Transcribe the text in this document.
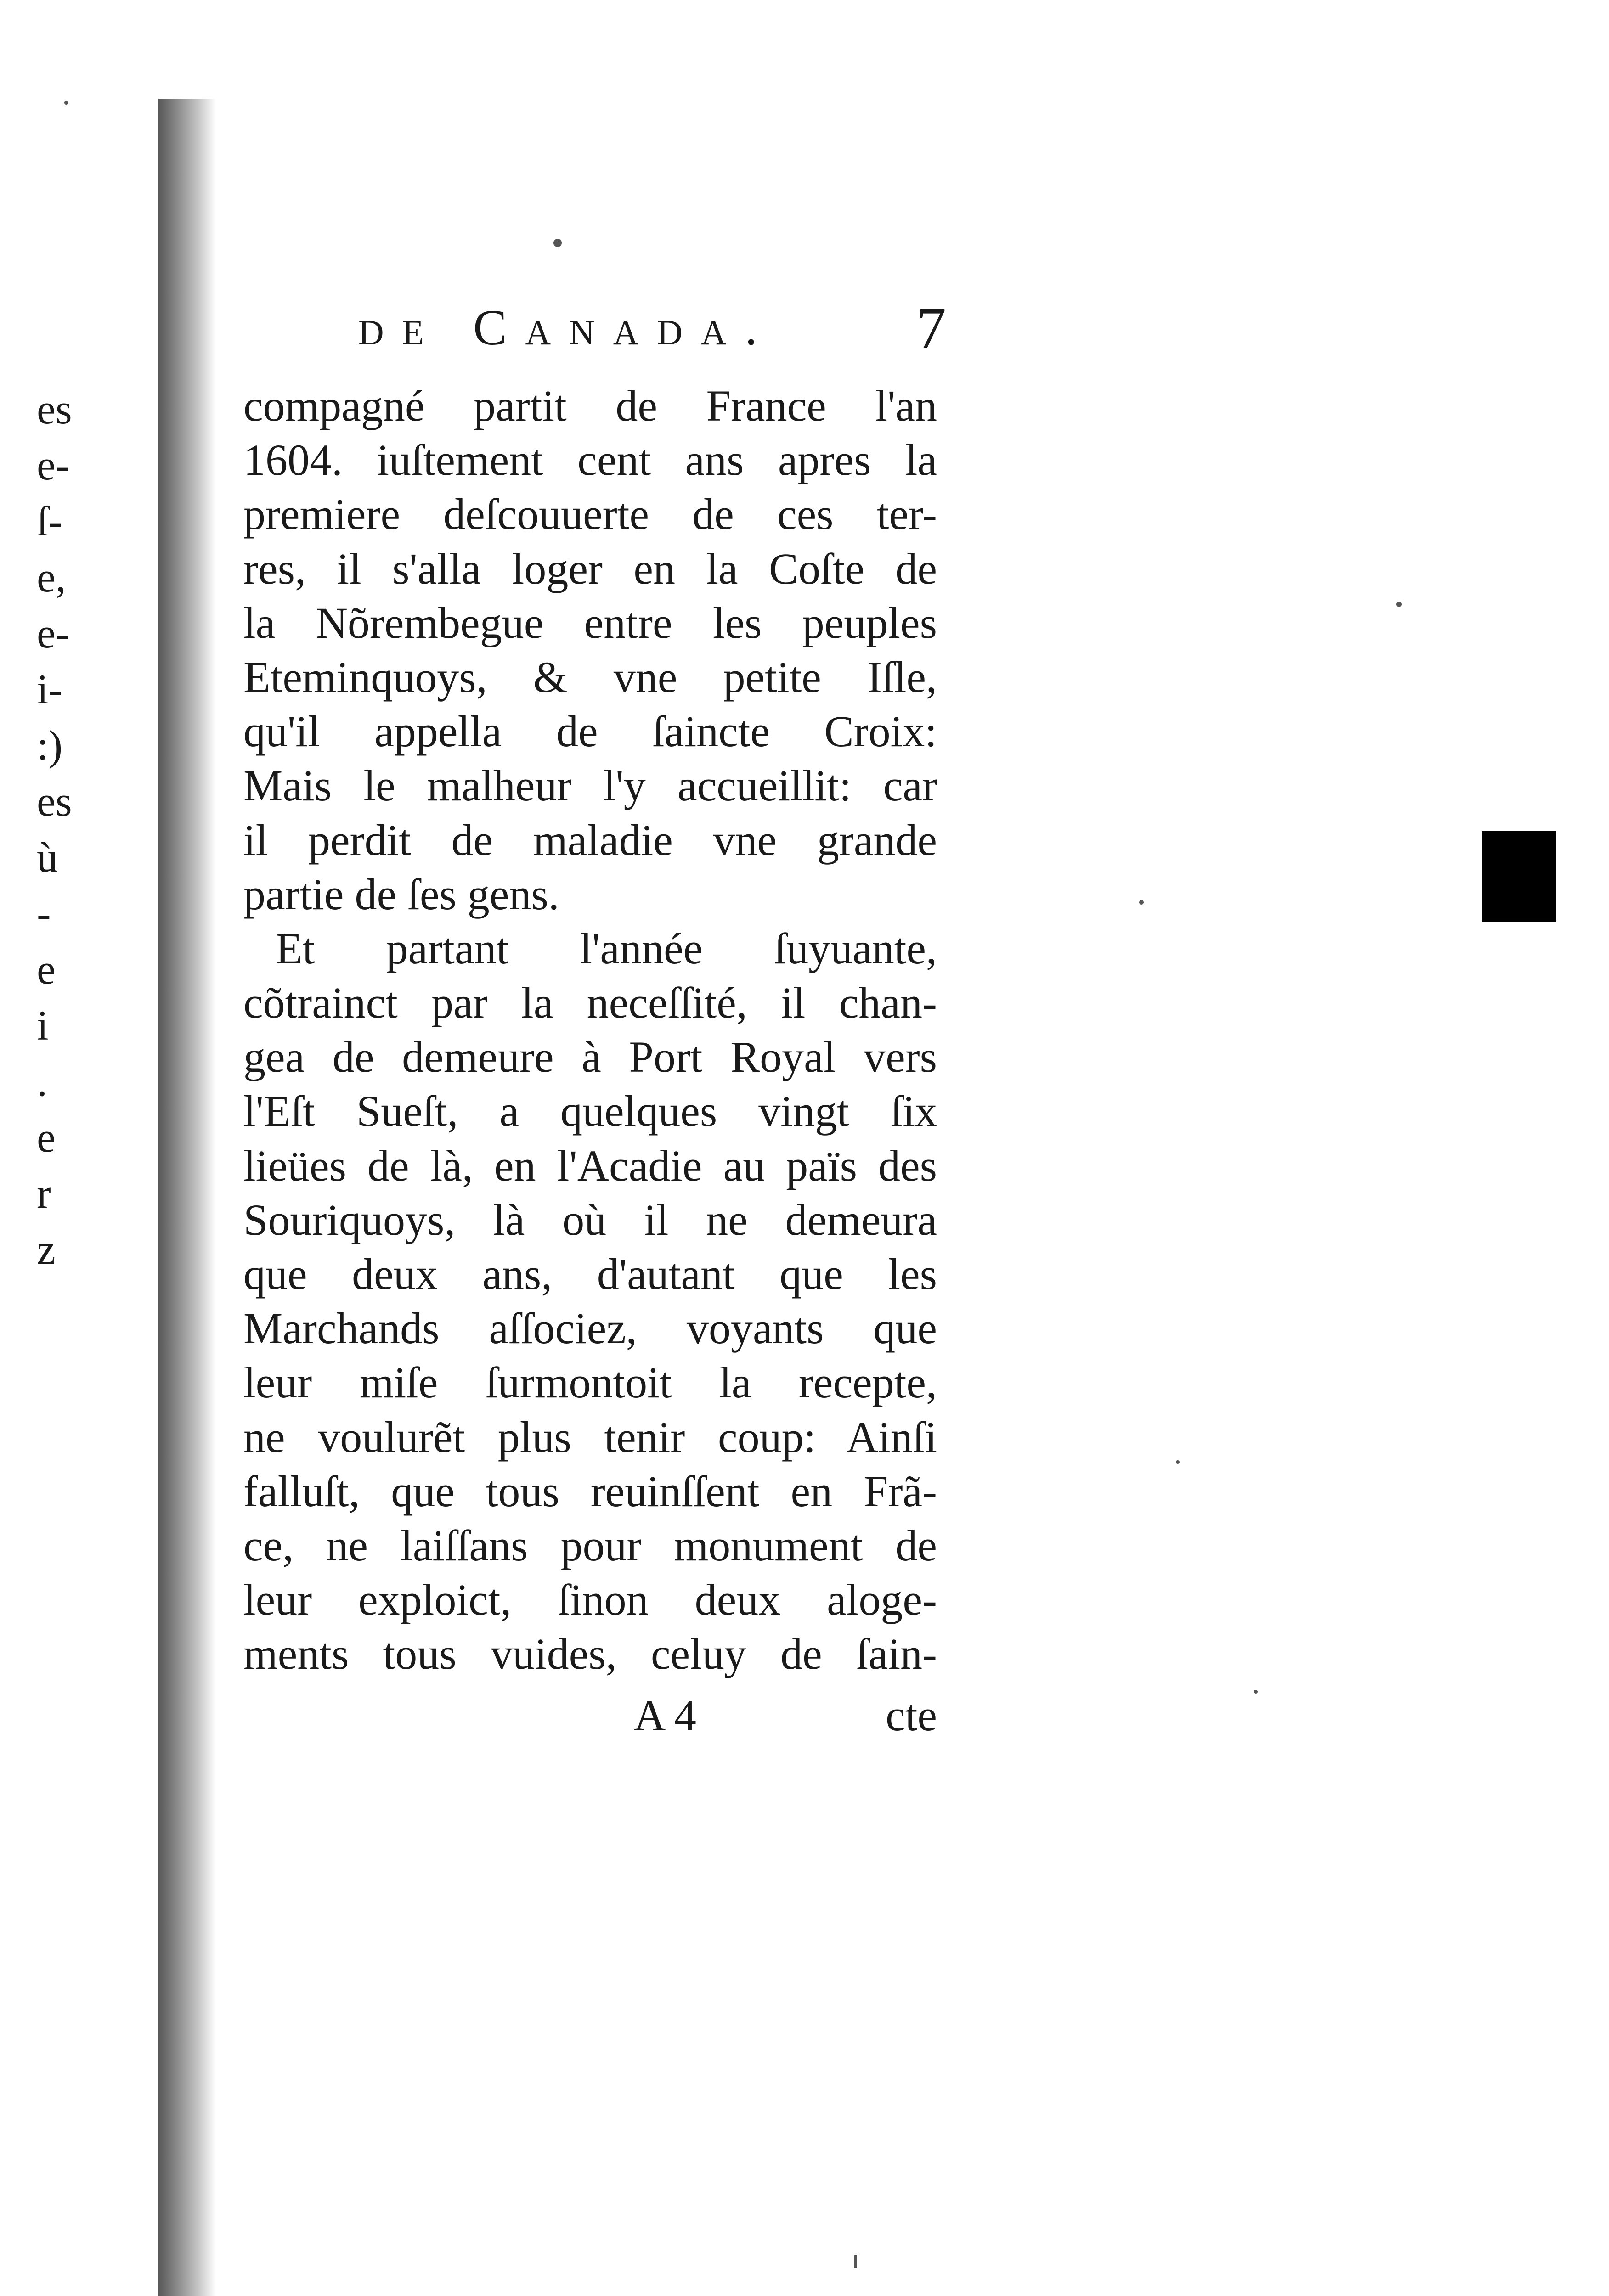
es
e-
ſ-
e,
e-
i-
:)
es
ù
-
e
i
.
e
r
z
de Canada. 7
compagné partit de France l'an
1604. iuſtement cent ans apres la
premiere deſcouuerte de ces ter-
res, il s'alla loger en la Coſte de
la Nõrembegue entre les peuples
Eteminquoys, & vne petite Iſle,
qu'il appella de ſaincte Croix:
Mais le malheur l'y accueillit: car
il perdit de maladie vne grande
partie de ſes gens.
Et partant l'année ſuyuante,
cõtrainct par la neceſſité, il chan-
gea de demeure à Port Royal vers
l'Eſt Sueſt, a quelques vingt ſix
lieües de là, en l'Acadie au païs des
Souriquoys, là où il ne demeura
que deux ans, d'autant que les
Marchands aſſociez, voyants que
leur miſe ſurmontoit la recepte,
ne voulurẽt plus tenir coup: Ainſi
falluſt, que tous reuinſſent en Frã-
ce, ne laiſſans pour monument de
leur exploict, ſinon deux aloge-
ments tous vuides, celuy de ſain-
A 4	cte
